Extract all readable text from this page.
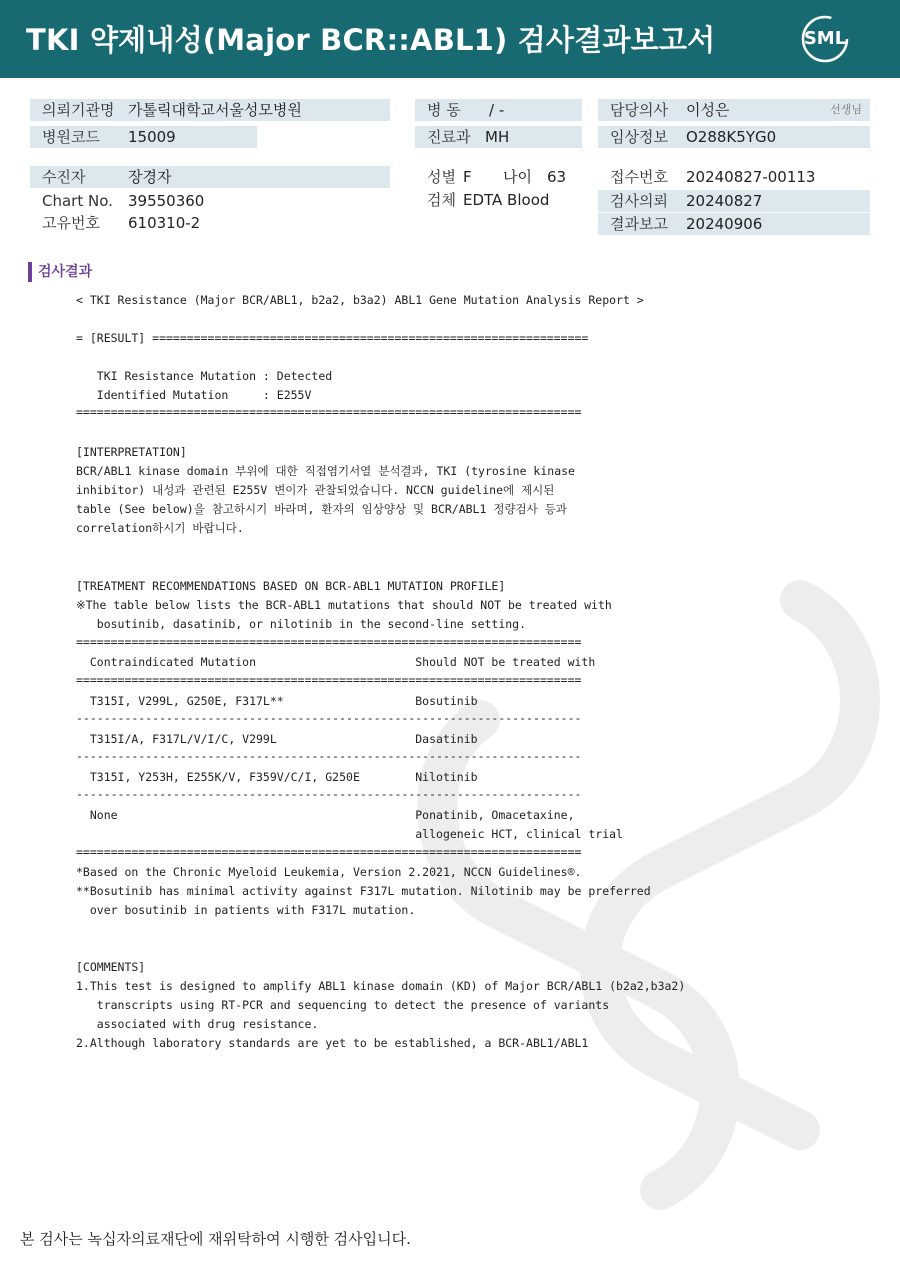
TKI 약제내성(Major BCR::ABL1) 검사결과보고서	SML
의뢰기관명 가톨릭대학교서울성모병원
병원코드 15009
수진자	장경자
Chart No. 39550360
고유번호 610310-2
병 동 / -
진료과 MH
성별 F 나이 63
검체 EDTA Blood
담당의사 이성은	선생님
임상정보 O288K5YG0
접수번호 20240827-00113
검사의뢰 20240827
결과보고 20240906
검사결과
< TKI Resistance (Major BCR/ABL1, b2a2, b3a2) ABL1 Gene Mutation Analysis Report >
= [RESULT] ===============================================================
TKI Resistance Mutation : Detected
Identified Mutation     : E255V
=========================================================================
[INTERPRETATION]
BCR/ABL1 kinase domain 부위에 대한 직접염기서열 분석결과, TKI (tyrosine kinase
inhibitor) 내성과 관련된 E255V 변이가 관찰되었습니다. NCCN guideline에 제시된
table (See below)을 참고하시기 바라며, 환자의 임상양상 및 BCR/ABL1 정량검사 등과
correlation하시기 바랍니다.
[TREATMENT RECOMMENDATIONS BASED ON BCR-ABL1 MUTATION PROFILE]
※The table below lists the BCR-ABL1 mutations that should NOT be treated with
bosutinib, dasatinib, or nilotinib in the second-line setting.
=========================================================================
Contraindicated Mutation                       Should NOT be treated with
=========================================================================
T315I, V299L, G250E, F317L**                   Bosutinib
-------------------------------------------------------------------------
T315I/A, F317L/V/I/C, V299L                    Dasatinib
-------------------------------------------------------------------------
T315I, Y253H, E255K/V, F359V/C/I, G250E        Nilotinib
-------------------------------------------------------------------------
None                                           Ponatinib, Omacetaxine,
allogeneic HCT, clinical trial
=========================================================================
*Based on the Chronic Myeloid Leukemia, Version 2.2021, NCCN Guidelines®.
**Bosutinib has minimal activity against F317L mutation. Nilotinib may be preferred
over bosutinib in patients with F317L mutation.
[COMMENTS]
1.This test is designed to amplify ABL1 kinase domain (KD) of Major BCR/ABL1 (b2a2,b3a2)
transcripts using RT-PCR and sequencing to detect the presence of variants
associated with drug resistance.
2.Although laboratory standards are yet to be established, a BCR-ABL1/ABL1
본 검사는 녹십자의료재단에 재위탁하여 시행한 검사입니다.
